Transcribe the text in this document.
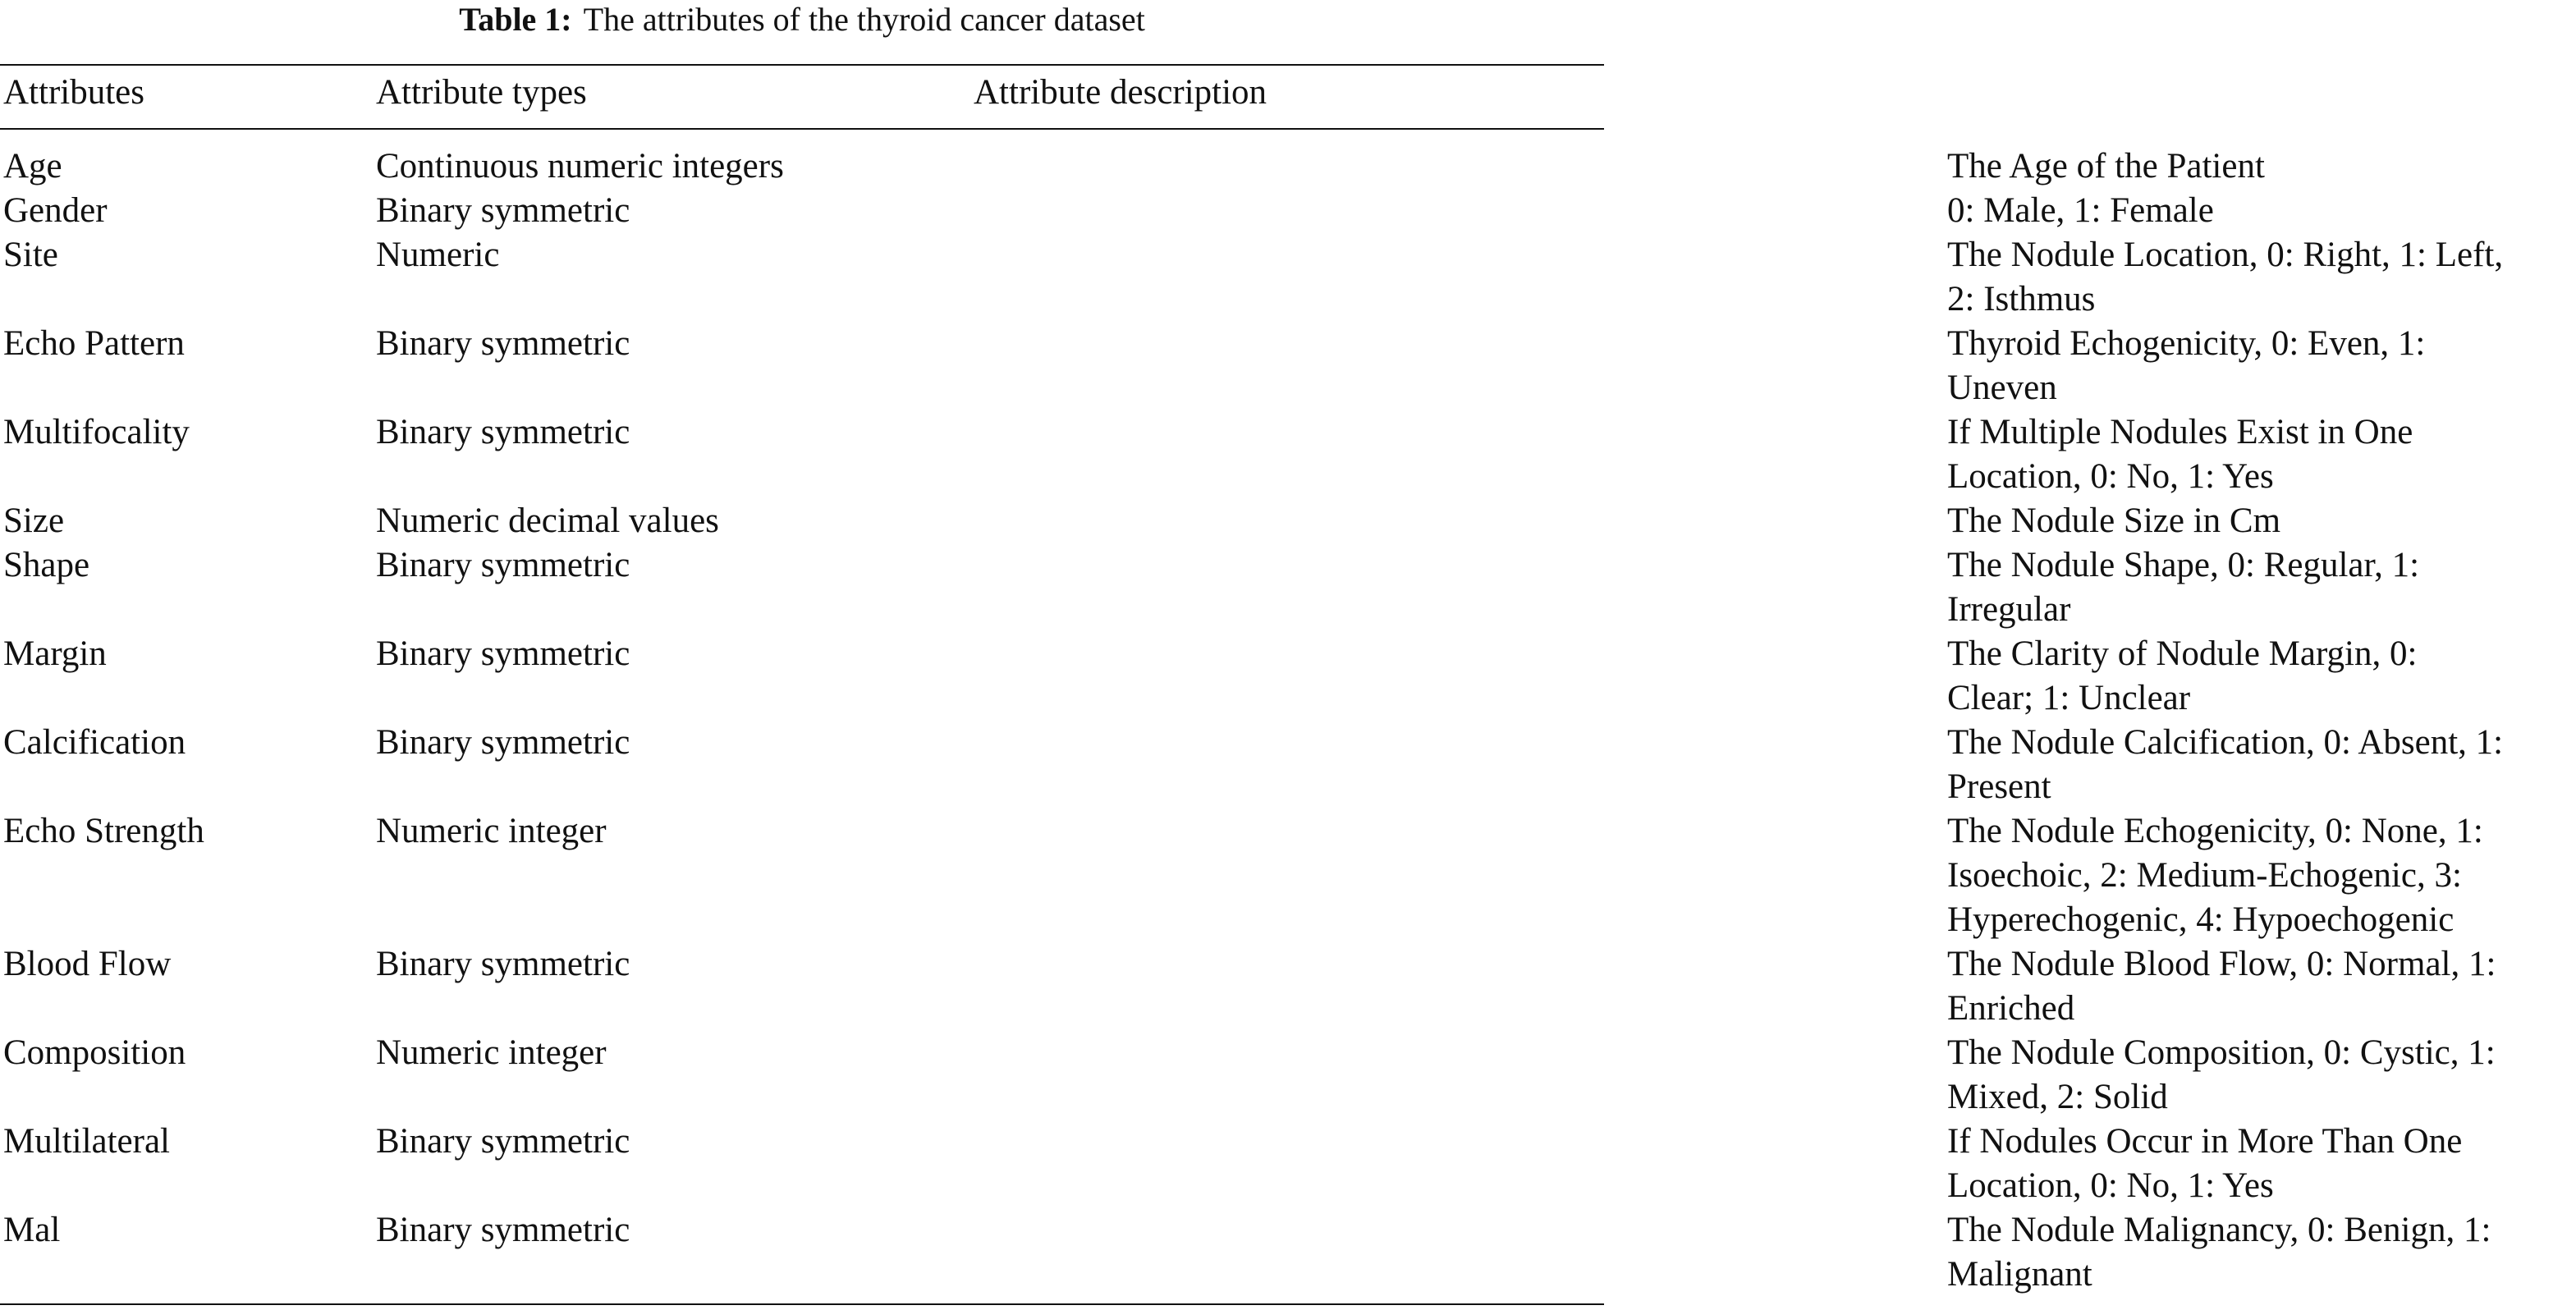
Table 1: The attributes of the thyroid cancer dataset
Attributes	Attribute types	Attribute description
Age	Continuous numeric integers	The Age of the Patient
Gender	Binary symmetric	0: Male, 1: Female
Site	Numeric	The Nodule Location, 0: Right, 1: Left,
2: Isthmus
Echo Pattern	Binary symmetric	Thyroid Echogenicity, 0: Even, 1:
Uneven
Multifocality	Binary symmetric	If Multiple Nodules Exist in One
Location, 0: No, 1: Yes
Size	Numeric decimal values	The Nodule Size in Cm
Shape	Binary symmetric	The Nodule Shape, 0: Regular, 1:
Irregular
Margin	Binary symmetric	The Clarity of Nodule Margin, 0:
Clear; 1: Unclear
Calcification	Binary symmetric	The Nodule Calcification, 0: Absent, 1:
Present
Echo Strength	Numeric integer	The Nodule Echogenicity, 0: None, 1:
Isoechoic, 2: Medium-Echogenic, 3:
Hyperechogenic, 4: Hypoechogenic
Blood Flow	Binary symmetric	The Nodule Blood Flow, 0: Normal, 1:
Enriched
Composition	Numeric integer	The Nodule Composition, 0: Cystic, 1:
Mixed, 2: Solid
Multilateral	Binary symmetric	If Nodules Occur in More Than One
Location, 0: No, 1: Yes
Mal	Binary symmetric	The Nodule Malignancy, 0: Benign, 1:
Malignant
